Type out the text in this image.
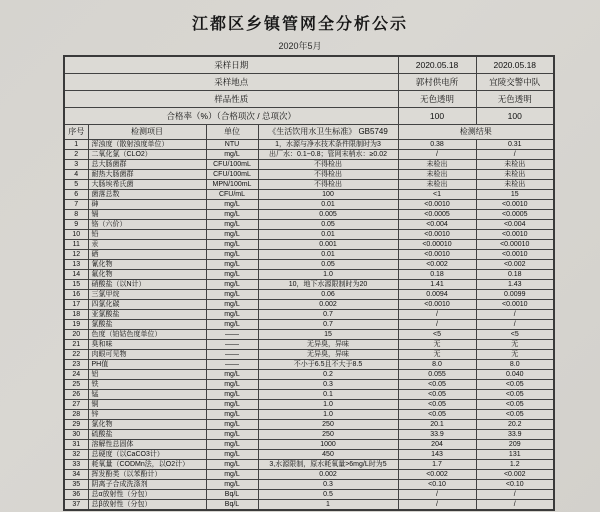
江都区乡镇管网全分析公示
2020年5月
采样日期				2020.05.18	2020.05.18
采样地点				郭村供电所	宜陵交警中队
样品性质				无色透明	无色透明
合格率（%）（合格项次 / 总项次）				100	100
序号	检测项目	单位	《生活饮用水卫生标准》 GB5749	检测结果	
1	浑浊度（散射浊度单位）	NTU	1，水源与净水技术条件限制时为3	0.38	0.31
2	二氧化氯（CLO2）	mg/L	出厂水：0.1~0.8；管网末梢水：≥0.02	/	/
3	总大肠菌群	CFU/100mL	不得检出	未检出	未检出
4	耐热大肠菌群	CFU/100mL	不得检出	未检出	未检出
5	大肠埃希氏菌	MPN/100mL	不得检出	未检出	未检出
6	菌落总数	CFU/mL	100	<1	15
7	砷	mg/L	0.01	<0.0010	<0.0010
8	镉	mg/L	0.005	<0.0005	<0.0005
9	铬（六价）	mg/L	0.05	<0.004	<0.004
10	铅	mg/L	0.01	<0.0010	<0.0010
11	汞	mg/L	0.001	<0.00010	<0.00010
12	硒	mg/L	0.01	<0.0010	<0.0010
13	氰化物	mg/L	0.05	<0.002	<0.002
14	氟化物	mg/L	1.0	0.18	0.18
15	硝酸盐（以N计）	mg/L	10，地下水源限制时为20	1.41	1.43
16	三氯甲烷	mg/L	0.06	0.0094	0.0099
17	四氯化碳	mg/L	0.002	<0.0010	<0.0010
18	亚氯酸盐	mg/L	0.7	/	/
19	氯酸盐	mg/L	0.7	/	/
20	色度（铂钴色度单位）	——	15	<5	<5
21	臭和味	——	无异臭，异味	无	无
22	肉眼可见物	——	无异臭，异味	无	无
23	PH值	——	不小于6.5且不大于8.5	8.0	8.0
24	铝	mg/L	0.2	0.055	0.040
25	铁	mg/L	0.3	<0.05	<0.05
26	锰	mg/L	0.1	<0.05	<0.05
27	铜	mg/L	1.0	<0.05	<0.05
28	锌	mg/L	1.0	<0.05	<0.05
29	氯化物	mg/L	250	20.1	20.2
30	硫酸盐	mg/L	250	33.9	33.9
31	溶解性总固体	mg/L	1000	204	209
32	总硬度（以CaCO3计）	mg/L	450	143	131
33	耗氧量（CODMn法，以O2计）	mg/L	3,水源限制，原水耗氧量>6mg/L时为5	1.7	1.2
34	挥发酚类（以苯酚计）	mg/L	0.002	<0.002	<0.002
35	阴离子合成洗涤剂	mg/L	0.3	<0.10	<0.10
36	总α放射性（分包）	Bq/L	0.5	/	/
37	总β放射性（分包）	Bq/L	1	/	/
